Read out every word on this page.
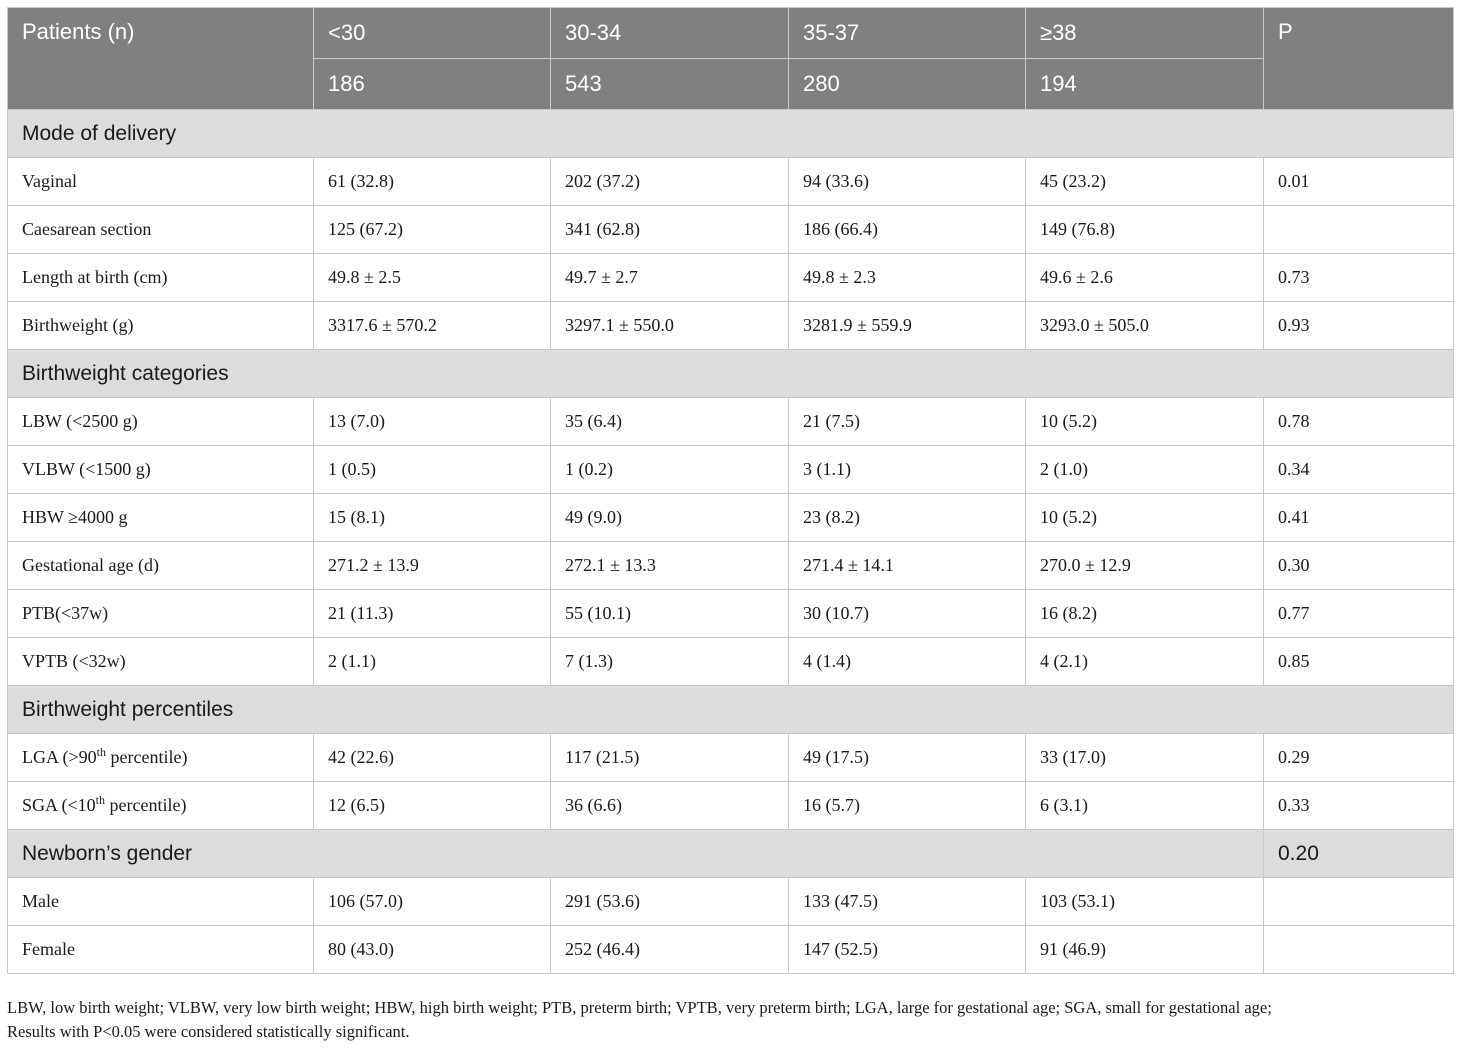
Patients (n)	<30	30-34	35-37	≥38	P
	186	543	280	194	
Mode of delivery					
Vaginal	61 (32.8)	202 (37.2)	94 (33.6)	45 (23.2)	0.01
Caesarean section	125 (67.2)	341 (62.8)	186 (66.4)	149 (76.8)	
Length at birth (cm)	49.8 ± 2.5	49.7 ± 2.7	49.8 ± 2.3	49.6 ± 2.6	0.73
Birthweight (g)	3317.6 ± 570.2	3297.1 ± 550.0	3281.9 ± 559.9	3293.0 ± 505.0	0.93
Birthweight categories					
LBW (<2500 g)	13 (7.0)	35 (6.4)	21 (7.5)	10 (5.2)	0.78
VLBW (<1500 g)	1 (0.5)	1 (0.2)	3 (1.1)	2 (1.0)	0.34
HBW ≥4000 g	15 (8.1)	49 (9.0)	23 (8.2)	10 (5.2)	0.41
Gestational age (d)	271.2 ± 13.9	272.1 ± 13.3	271.4 ± 14.1	270.0 ± 12.9	0.30
PTB(<37w)	21 (11.3)	55 (10.1)	30 (10.7)	16 (8.2)	0.77
VPTB (<32w)	2 (1.1)	7 (1.3)	4 (1.4)	4 (2.1)	0.85
Birthweight percentiles					
LGA (>90th percentile)	42 (22.6)	117 (21.5)	49 (17.5)	33 (17.0)	0.29
SGA (<10th percentile)	12 (6.5)	36 (6.6)	16 (5.7)	6 (3.1)	0.33
Newborn’s gender					0.20
Male	106 (57.0)	291 (53.6)	133 (47.5)	103 (53.1)	
Female	80 (43.0)	252 (46.4)	147 (52.5)	91 (46.9)	
LBW, low birth weight; VLBW, very low birth weight; HBW, high birth weight; PTB, preterm birth; VPTB, very preterm birth; LGA, large for gestational age; SGA, small for gestational age;
Results with P<0.05 were considered statistically significant.
